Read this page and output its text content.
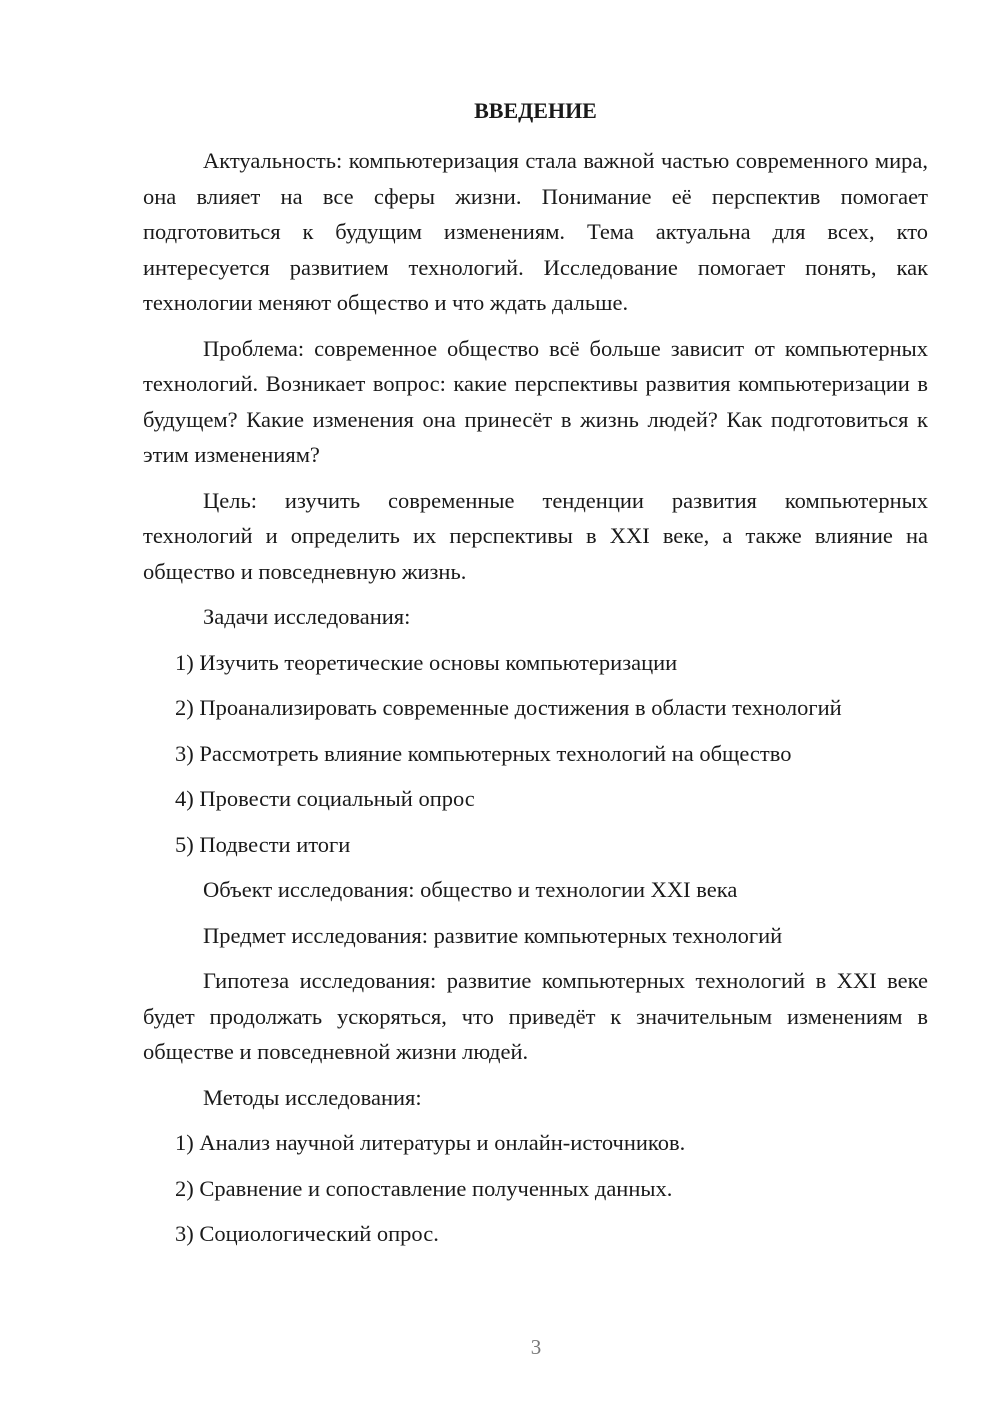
ВВЕДЕНИЕ

Актуальность: компьютеризация стала важной частью современного мира, она влияет на все сферы жизни. Понимание её перспектив помогает подготовиться к будущим изменениям. Тема актуальна для всех, кто интересуется развитием технологий. Исследование помогает понять, как технологии меняют общество и что ждать дальше.

Проблема: современное общество всё больше зависит от компьютерных технологий. Возникает вопрос: какие перспективы развития компьютеризации в будущем? Какие изменения она принесёт в жизнь людей? Как подготовиться к этим изменениям?

Цель: изучить современные тенденции развития компьютерных технологий и определить их перспективы в XXI веке, а также влияние на общество и повседневную жизнь.

Задачи исследования:
1) Изучить теоретические основы компьютеризации
2) Проанализировать современные достижения в области технологий
3) Рассмотреть влияние компьютерных технологий на общество
4) Провести социальный опрос
5) Подвести итоги
Объект исследования: общество и технологии XXI века
Предмет исследования: развитие компьютерных технологий

Гипотеза исследования: развитие компьютерных технологий в XXI веке будет продолжать ускоряться, что приведёт к значительным изменениям в обществе и повседневной жизни людей.

Методы исследования:
1) Анализ научной литературы и онлайн-источников.
2) Сравнение и сопоставление полученных данных.
3) Социологический опрос.
3
